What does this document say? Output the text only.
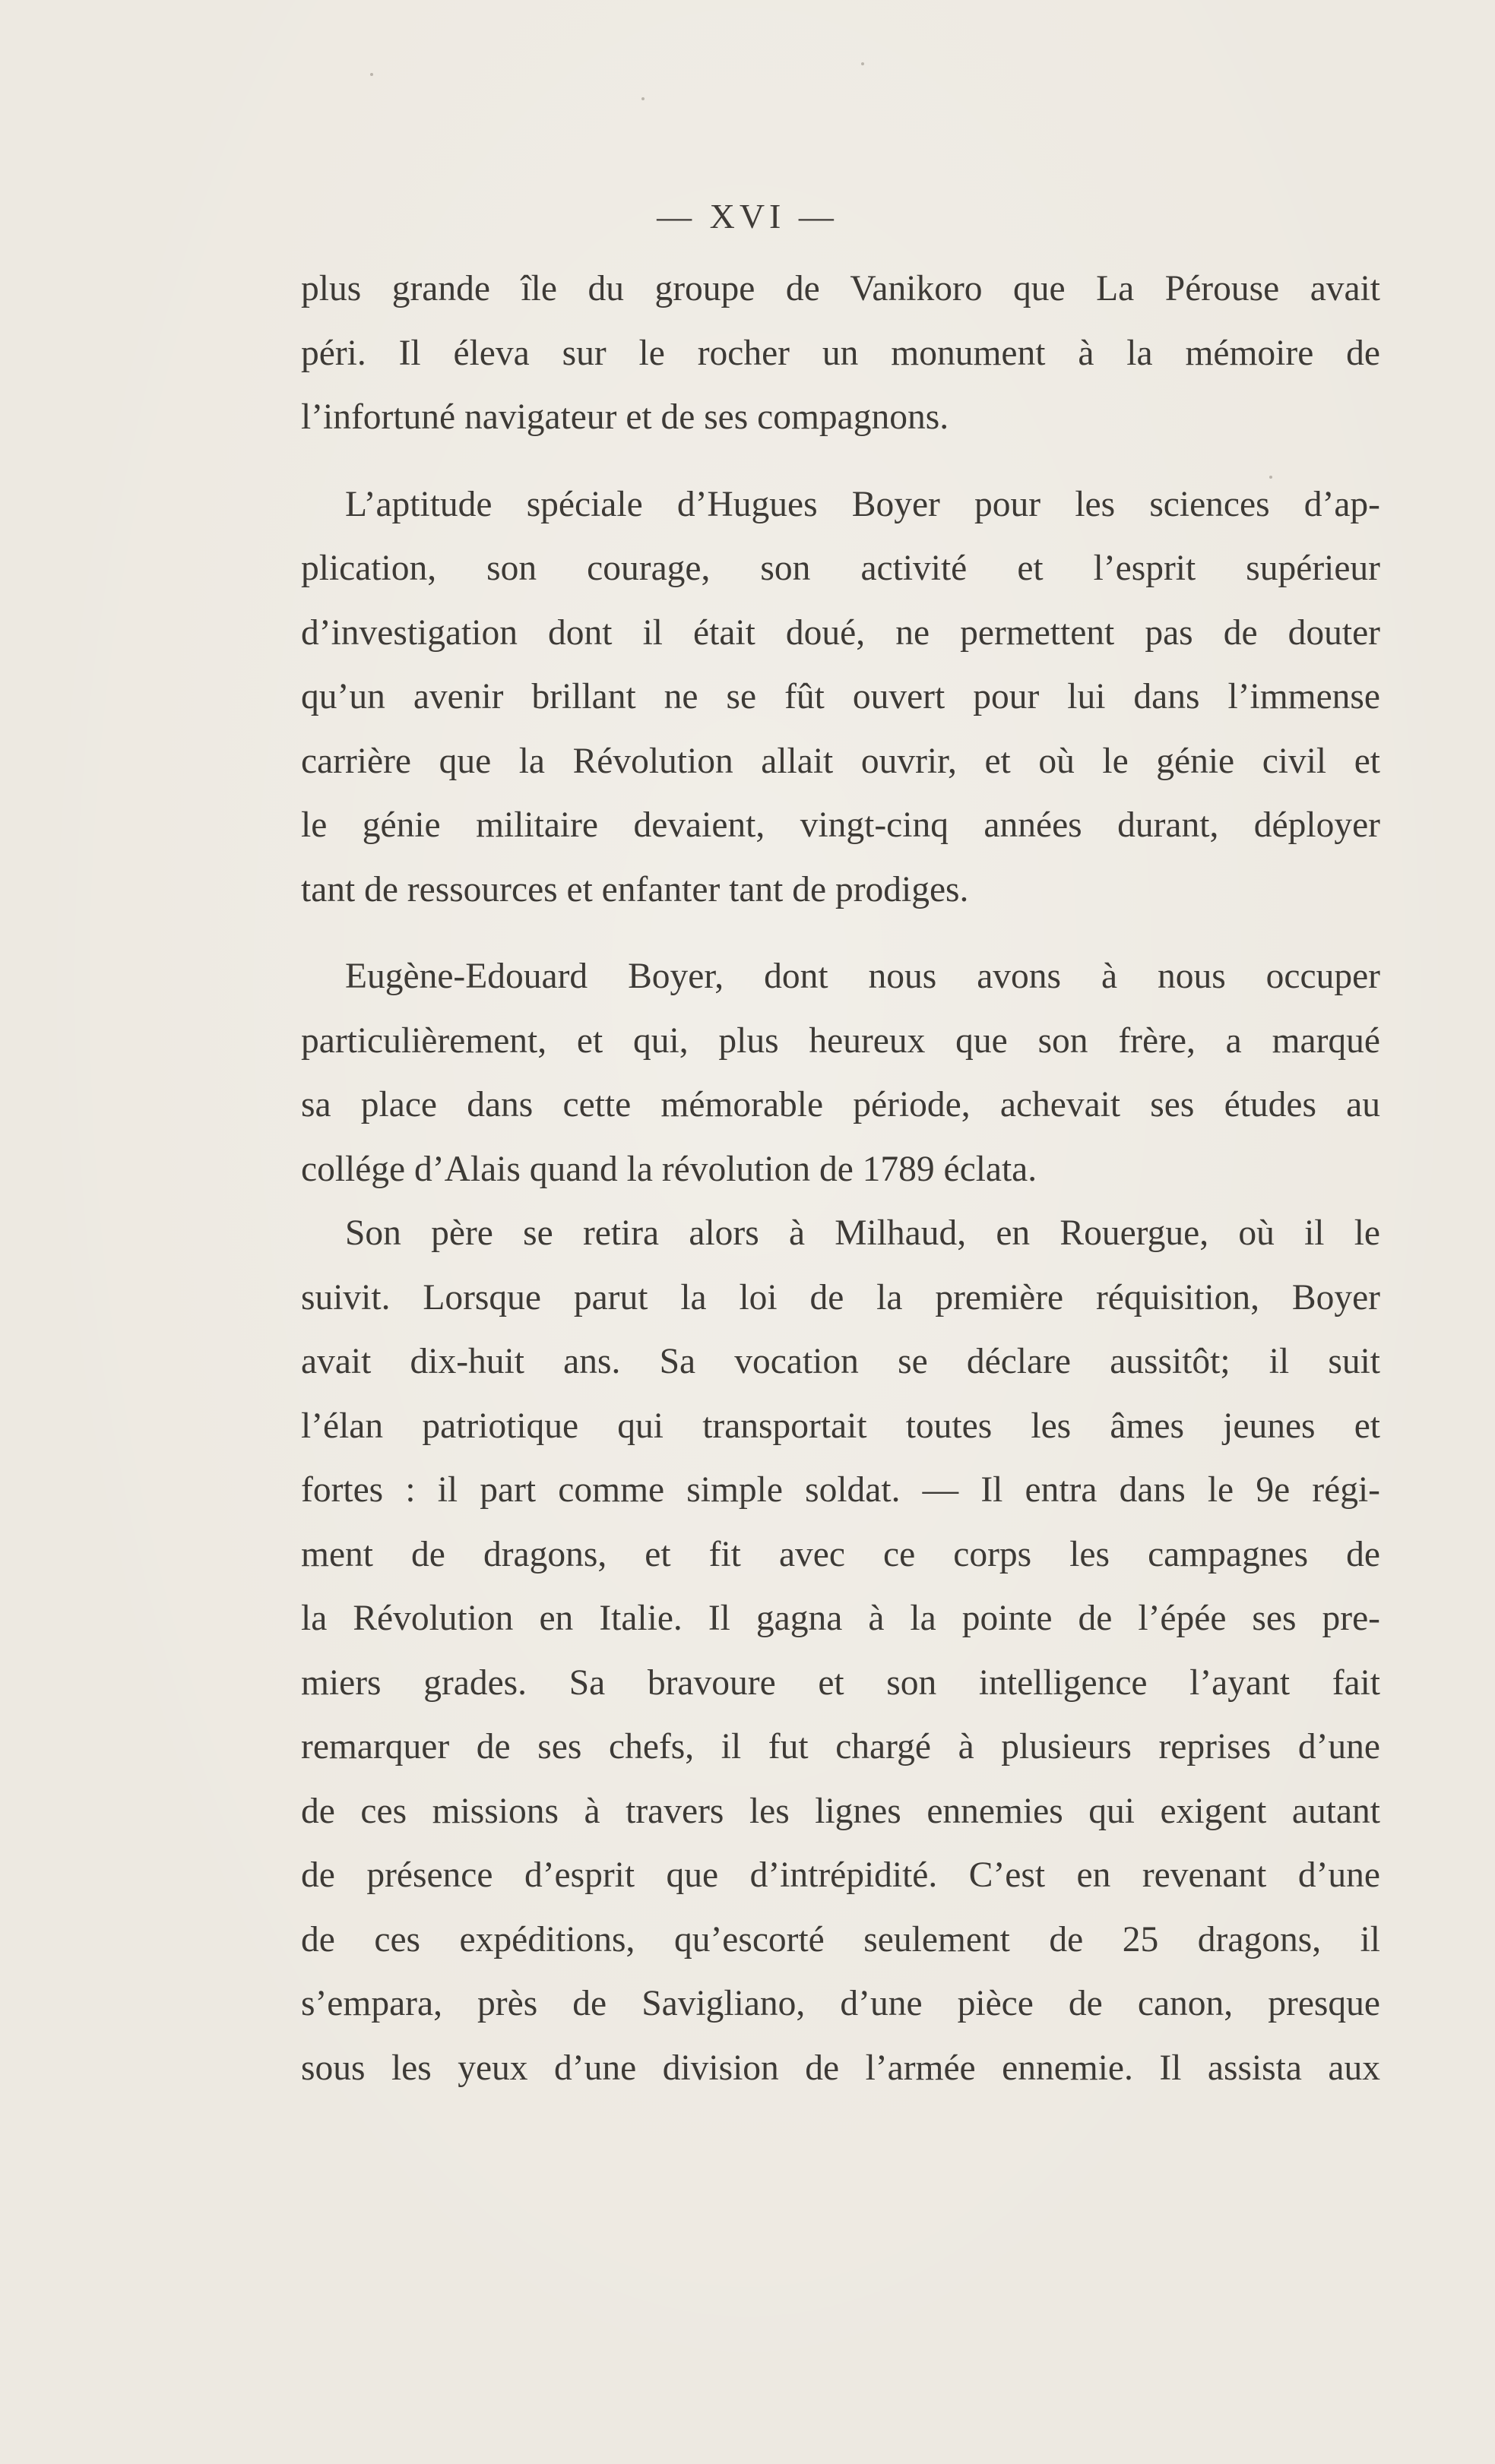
— XVI —
plus grande île du groupe de Vanikoro que La Pérouse avait
péri. Il éleva sur le rocher un monument à la mémoire de
l’infortuné navigateur et de ses compagnons.
L’aptitude spéciale d’Hugues Boyer pour les sciences d’ap-
plication, son courage, son activité et l’esprit supérieur
d’investigation dont il était doué, ne permettent pas de douter
qu’un avenir brillant ne se fût ouvert pour lui dans l’immense
carrière que la Révolution allait ouvrir, et où le génie civil et
le génie militaire devaient, vingt-cinq années durant, déployer
tant de ressources et enfanter tant de prodiges.
Eugène-Edouard Boyer, dont nous avons à nous occuper
particulièrement, et qui, plus heureux que son frère, a marqué
sa place dans cette mémorable période, achevait ses études au
collége d’Alais quand la révolution de 1789 éclata.
Son père se retira alors à Milhaud, en Rouergue, où il le
suivit. Lorsque parut la loi de la première réquisition, Boyer
avait dix-huit ans. Sa vocation se déclare aussitôt; il suit
l’élan patriotique qui transportait toutes les âmes jeunes et
fortes : il part comme simple soldat. — Il entra dans le 9e régi-
ment de dragons, et fit avec ce corps les campagnes de
la Révolution en Italie. Il gagna à la pointe de l’épée ses pre-
miers grades. Sa bravoure et son intelligence l’ayant fait
remarquer de ses chefs, il fut chargé à plusieurs reprises d’une
de ces missions à travers les lignes ennemies qui exigent autant
de présence d’esprit que d’intrépidité. C’est en revenant d’une
de ces expéditions, qu’escorté seulement de 25 dragons, il
s’empara, près de Savigliano, d’une pièce de canon, presque
sous les yeux d’une division de l’armée ennemie. Il assista aux
